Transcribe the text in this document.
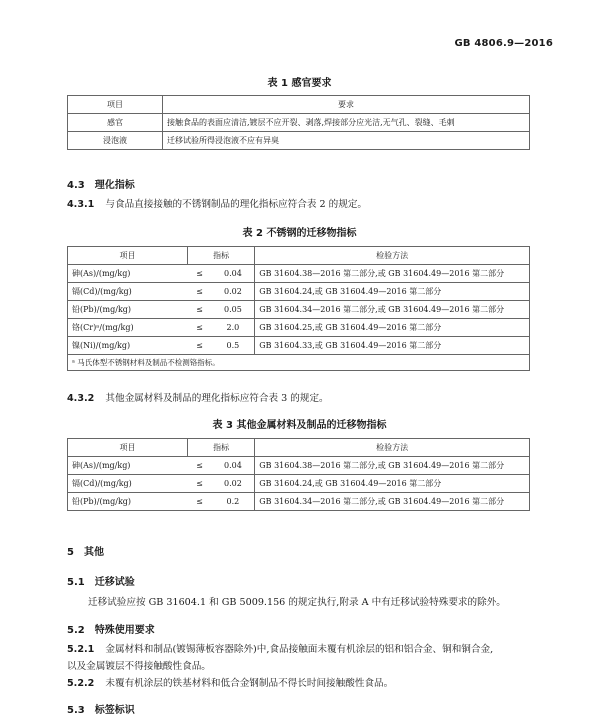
GB 4806.9—2016
表 1 感官要求
项目	要求
感官	接触食品的表面应清洁,镀层不应开裂、剥落,焊接部分应光洁,无气孔、裂缝、毛刺
浸泡液	迁移试验所得浸泡液不应有异臭
4.3 理化指标
4.3.1 与食品直接接触的不锈钢制品的理化指标应符合表 2 的规定。
表 2 不锈钢的迁移物指标
项目	指标		检验方法
砷(As)/(mg/kg)	≤	0.04	GB 31604.38—2016 第二部分,或 GB 31604.49—2016 第二部分
镉(Cd)/(mg/kg)	≤	0.02	GB 31604.24,或 GB 31604.49—2016 第二部分
铅(Pb)/(mg/kg)	≤	0.05	GB 31604.34—2016 第二部分,或 GB 31604.49—2016 第二部分
铬(Cr)ᵃ/(mg/kg)	≤	2.0	GB 31604.25,或 GB 31604.49—2016 第二部分
镍(Ni)/(mg/kg)	≤	0.5	GB 31604.33,或 GB 31604.49—2016 第二部分
ᵃ 马氏体型不锈钢材料及制品不检测铬指标。			
4.3.2 其他金属材料及制品的理化指标应符合表 3 的规定。
表 3 其他金属材料及制品的迁移物指标
项目	指标		检验方法
砷(As)/(mg/kg)	≤	0.04	GB 31604.38—2016 第二部分,或 GB 31604.49—2016 第二部分
镉(Cd)/(mg/kg)	≤	0.02	GB 31604.24,或 GB 31604.49—2016 第二部分
铅(Pb)/(mg/kg)	≤	0.2	GB 31604.34—2016 第二部分,或 GB 31604.49—2016 第二部分
5 其他
5.1 迁移试验
迁移试验应按 GB 31604.1 和 GB 5009.156 的规定执行,附录 A 中有迁移试验特殊要求的除外。
5.2 特殊使用要求
5.2.1 金属材料和制品(镀锡薄板容器除外)中,食品接触面未覆有机涂层的铝和铝合金、铜和铜合金,
以及金属镀层不得接触酸性食品。
5.2.2 未覆有机涂层的铁基材料和低合金钢制品不得长时间接触酸性食品。
5.3 标签标识
